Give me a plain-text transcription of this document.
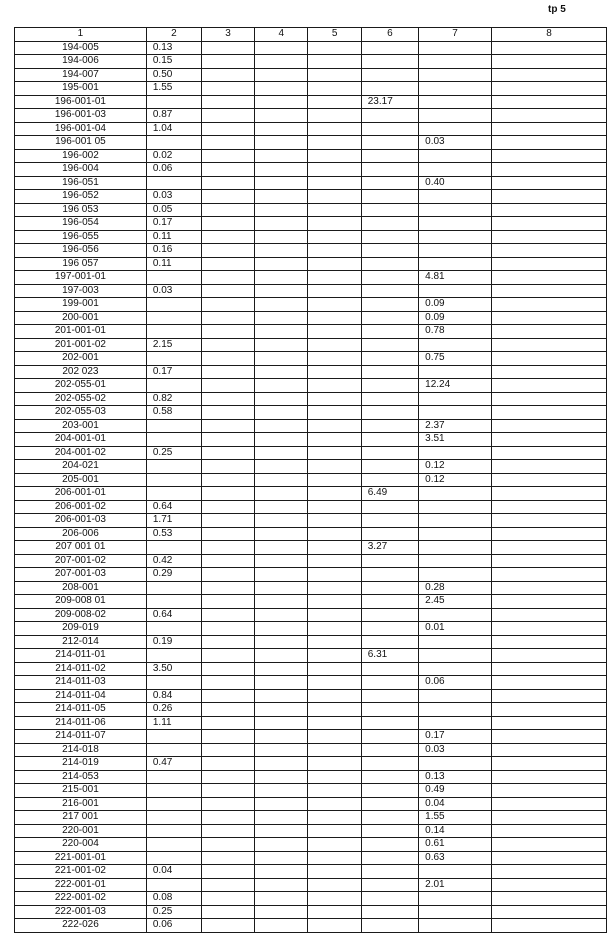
tp 5
1	2	3	4	5	6	7	8
194-005	0.13						
194-006	0.15						
194-007	0.50						
195-001	1.55						
196-001-01					23.17		
196-001-03	0.87						
196-001-04	1.04						
196-001 05						0.03	
196-002	0.02						
196-004	0.06						
196-051						0.40	
196-052	0.03						
196 053	0.05						
196-054	0.17						
196-055	0.11						
196-056	0.16						
196 057	0.11						
197-001-01						4.81	
197-003	0.03						
199-001						0.09	
200-001						0.09	
201-001-01						0.78	
201-001-02	2.15						
202-001						0.75	
202 023	0.17						
202-055-01						12.24	
202-055-02	0.82						
202-055-03	0.58						
203-001						2.37	
204-001-01						3.51	
204-001-02	0.25						
204-021						0.12	
205-001						0.12	
206-001-01					6.49		
206-001-02	0.64						
206-001-03	1.71						
206-006	0.53						
207 001 01					3.27		
207-001-02	0.42						
207-001-03	0.29						
208-001						0.28	
209-008 01						2.45	
209-008-02	0.64						
209-019						0.01	
212-014	0.19						
214-011-01					6.31		
214-011-02	3.50						
214-011-03						0.06	
214-011-04	0.84						
214-011-05	0.26						
214-011-06	1.11						
214-011-07						0.17	
214-018						0.03	
214-019	0.47						
214-053						0.13	
215-001						0.49	
216-001						0.04	
217 001						1.55	
220-001						0.14	
220-004						0.61	
221-001-01						0.63	
221-001-02	0.04						
222-001-01						2.01	
222-001-02	0.08						
222-001-03	0.25						
222-026	0.06						
